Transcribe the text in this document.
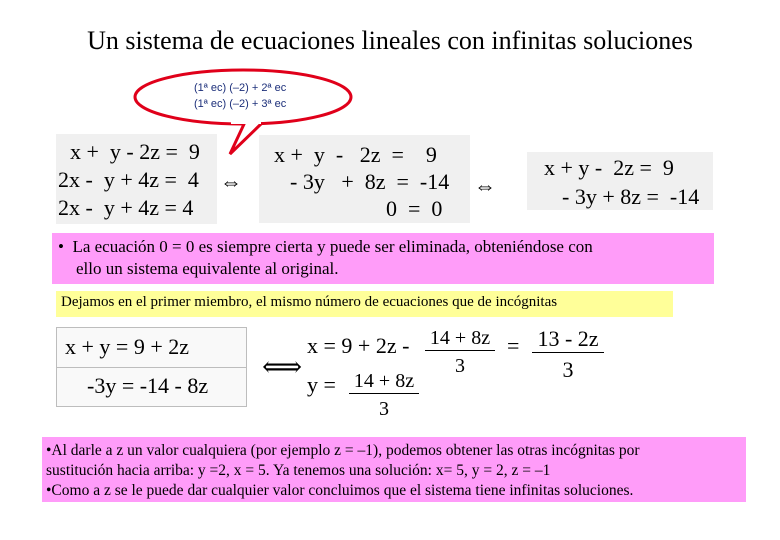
Un sistema de ecuaciones lineales con infinitas soluciones
(1ª ec) (–2) + 2ª ec
(1ª ec) (–2) + 3ª ec
x +  y - 2z =  9
2x -  y + 4z =  4
2x -  y + 4z = 4
⇔
x +  y  -   2z  =    9
- 3y   +  8z  =  -14
0  =  0
⇔
x + y -  2z =  9
- 3y + 8z =  -14
•  La ecuación 0 = 0 es siempre cierta y puede ser eliminada, obteniéndose con
ello un sistema equivalente al original.
Dejamos en el primer miembro, el mismo número de ecuaciones que de incógnitas
x + y = 9 + 2z
-3y = -14 - 8z
⟺
$x = 9 + 2z - \frac{14 + 8z}{3} = \frac{13 - 2z}{3}$
$y = \frac{14 + 8z}{3}$
•Al darle a z un valor cualquiera (por ejemplo z = –1), podemos obtener las otras incógnitas por
sustitución hacia arriba: y =2, x = 5. Ya tenemos una solución: x= 5, y = 2, z = –1
•Como a z se le puede dar cualquier valor concluimos que el sistema tiene infinitas soluciones.
